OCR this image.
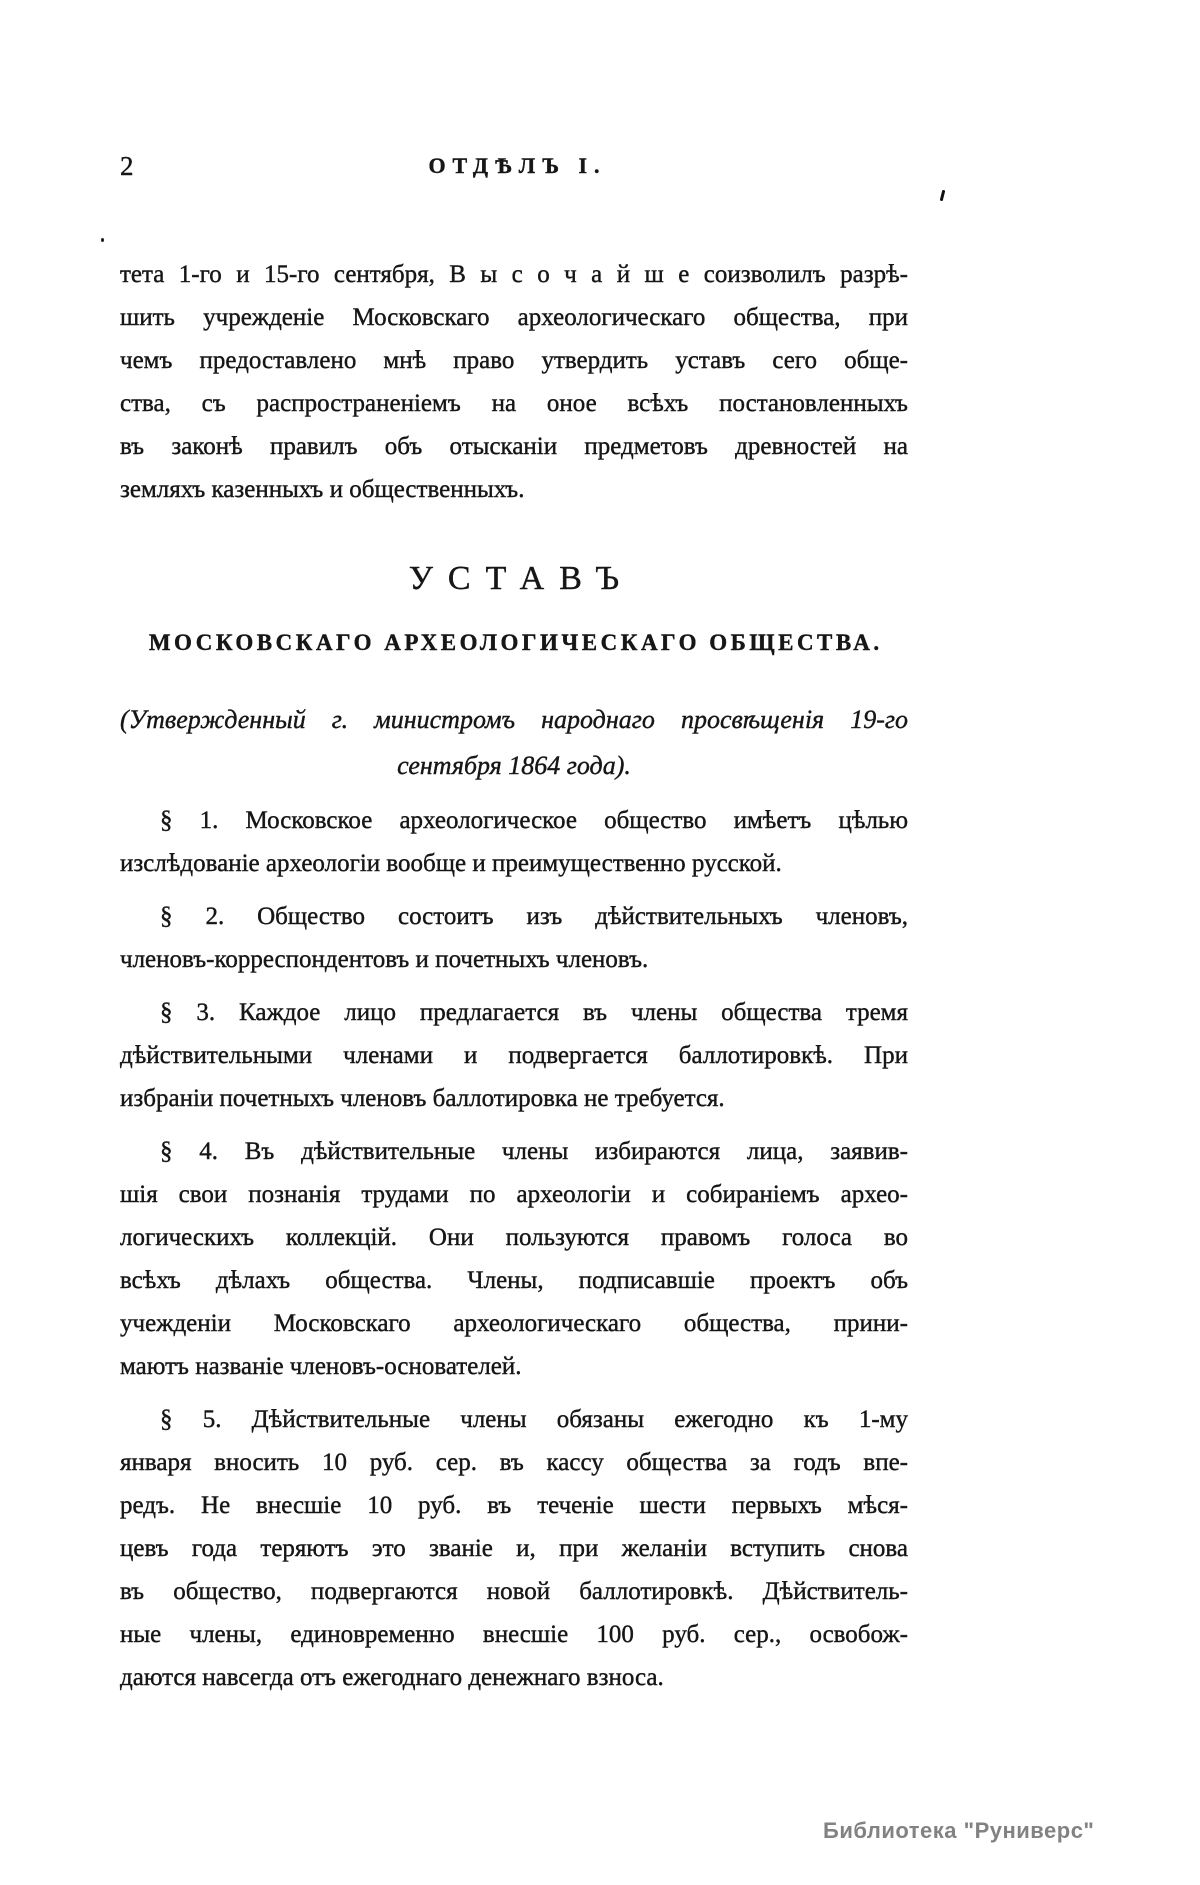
2	ОТДѢЛЪ I.
тета 1-го и 15-го сентября, В ы с о ч а й ш е соизволилъ разрѣ-
шить учрежденіе Московскаго археологическаго общества, при
чемъ предоставлено мнѣ право утвердить уставъ сего обще-
ства, съ распространеніемъ на оное всѣхъ постановленныхъ
въ законѣ правилъ объ отысканіи предметовъ древностей на
земляхъ казенныхъ и общественныхъ.
УСТАВЪ
МОСКОВСКАГО АРХЕОЛОГИЧЕСКАГО ОБЩЕСТВА.
(Утвержденный г. министромъ народнаго просвѣщенія 19-го
сентября 1864 года).
§ 1. Московское археологическое общество имѣетъ цѣлью
изслѣдованіе археологіи вообще и преимущественно русской.
§ 2. Общество состоитъ изъ дѣйствительныхъ членовъ,
членовъ-корреспондентовъ и почетныхъ членовъ.
§ 3. Каждое лицо предлагается въ члены общества тремя
дѣйствительными членами и подвергается баллотировкѣ. При
избраніи почетныхъ членовъ баллотировка не требуется.
§ 4. Въ дѣйствительные члены избираются лица, заявив-
шія свои познанія трудами по археологіи и собираніемъ архео-
логическихъ коллекцій. Они пользуются правомъ голоса во
всѣхъ дѣлахъ общества. Члены, подписавшіе проектъ объ
учежденіи Московскаго археологическаго общества, прини-
маютъ названіе членовъ-основателей.
§ 5. Дѣйствительные члены обязаны ежегодно къ 1-му
января вносить 10 руб. сер. въ кассу общества за годъ впе-
редъ. Не внесшіе 10 руб. въ теченіе шести первыхъ мѣся-
цевъ года теряютъ это званіе и, при желаніи вступить снова
въ общество, подвергаются новой баллотировкѣ. Дѣйствитель-
ные члены, единовременно внесшіе 100 руб. сер., освобож-
даются навсегда отъ ежегоднаго денежнаго взноса.
Библиотека "Руниверс"
